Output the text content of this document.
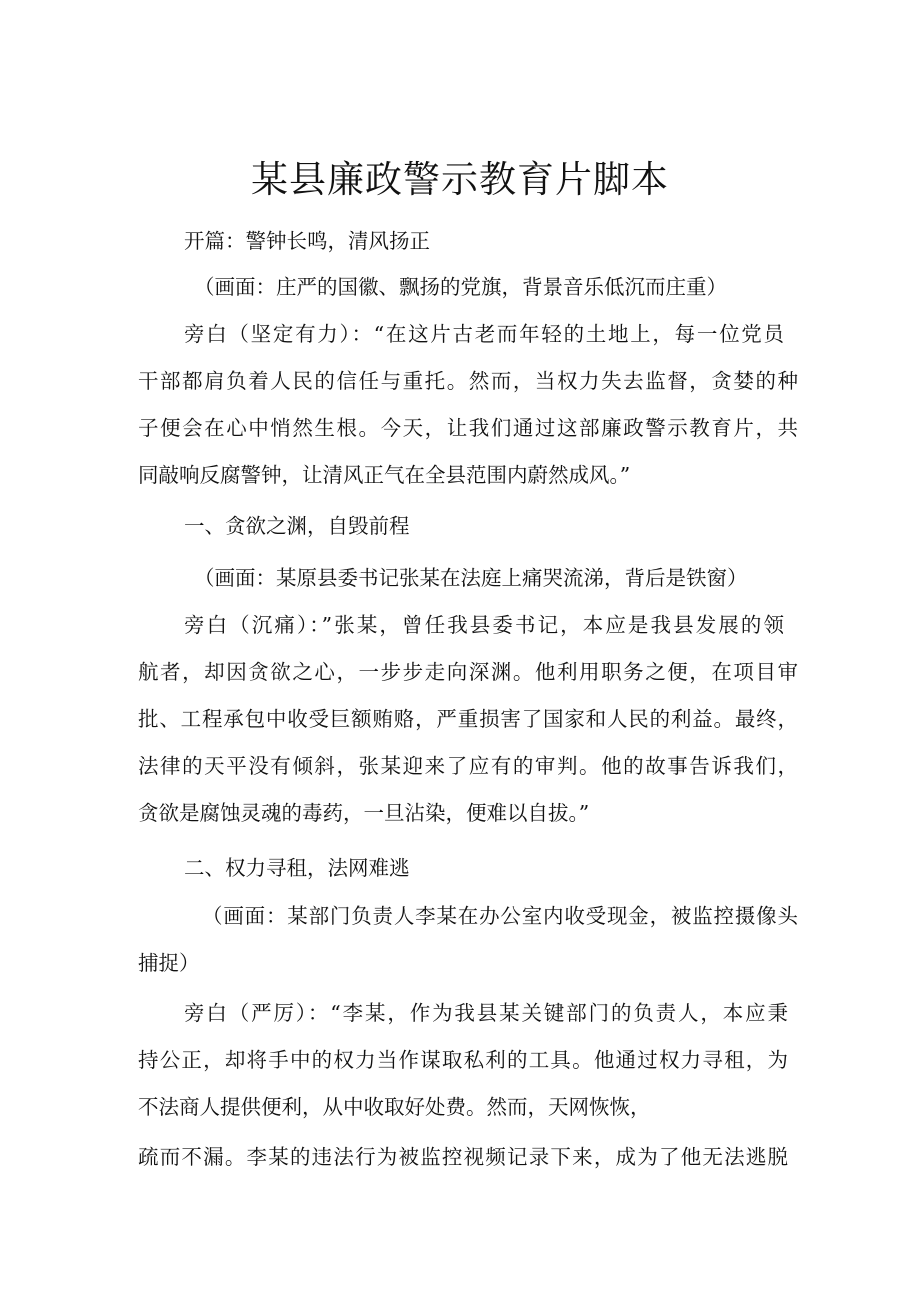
某县廉政警示教育片脚本
开篇：警钟长鸣，清风扬正
（画面：庄严的国徽、飘扬的党旗，背景音乐低沉而庄重）
旁白（坚定有力）：“在这片古老而年轻的土地上，每一位党员
干部都肩负着人民的信任与重托。然而，当权力失去监督，贪婪的种
子便会在心中悄然生根。今天，让我们通过这部廉政警示教育片，共
同敲响反腐警钟，让清风正气在全县范围内蔚然成风。”
一、贪欲之渊，自毁前程
（画面：某原县委书记张某在法庭上痛哭流涕，背后是铁窗）
旁白（沉痛）：”张某，曾任我县委书记，本应是我县发展的领
航者，却因贪欲之心，一步步走向深渊。他利用职务之便，在项目审
批、工程承包中收受巨额贿赂，严重损害了国家和人民的利益。最终，
法律的天平没有倾斜，张某迎来了应有的审判。他的故事告诉我们，
贪欲是腐蚀灵魂的毒药，一旦沾染，便难以自拔。”
二、权力寻租，法网难逃
（画面：某部门负责人李某在办公室内收受现金，被监控摄像头
捕捉）
旁白（严厉）：“李某，作为我县某关键部门的负责人，本应秉
持公正，却将手中的权力当作谋取私利的工具。他通过权力寻租，为
不法商人提供便利，从中收取好处费。然而，天网恢恢，
疏而不漏。李某的违法行为被监控视频记录下来，成为了他无法逃脱
